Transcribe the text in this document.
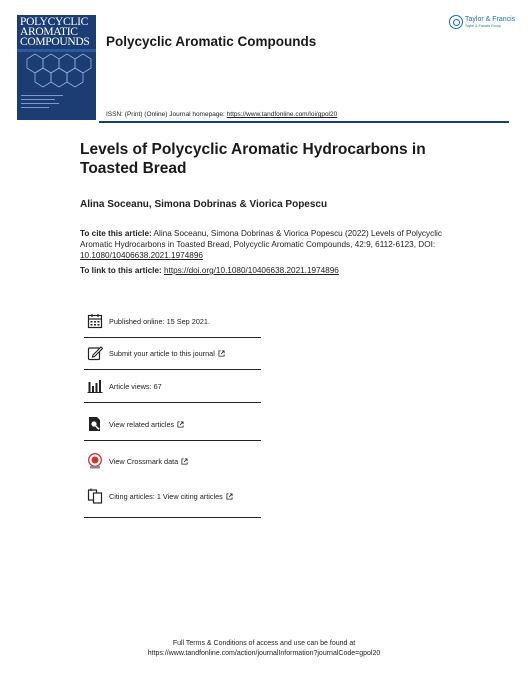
POLYCYCLIC
AROMATIC
COMPOUNDS	Polycyclic Aromatic Compounds
Taylor & Francis
Taylor & Francis Group
ISSN: (Print) (Online) Journal homepage: https://www.tandfonline.com/loi/gpol20
Levels of Polycyclic Aromatic Hydrocarbons in Toasted Bread
Alina Soceanu, Simona Dobrinas & Viorica Popescu
To cite this article: Alina Soceanu, Simona Dobrinas & Viorica Popescu (2022) Levels of Polycyclic Aromatic Hydrocarbons in Toasted Bread, Polycyclic Aromatic Compounds, 42:9, 6112-6123, DOI: 10.1080/10406638.2021.1974896
To link to this article: https://doi.org/10.1080/10406638.2021.1974896
Published online: 15 Sep 2021.
Submit your article to this journal
Article views: 67
View related articles
View Crossmark data
Citing articles: 1 View citing articles
Full Terms & Conditions of access and use can be found at
https://www.tandfonline.com/action/journalInformation?journalCode=gpol20
